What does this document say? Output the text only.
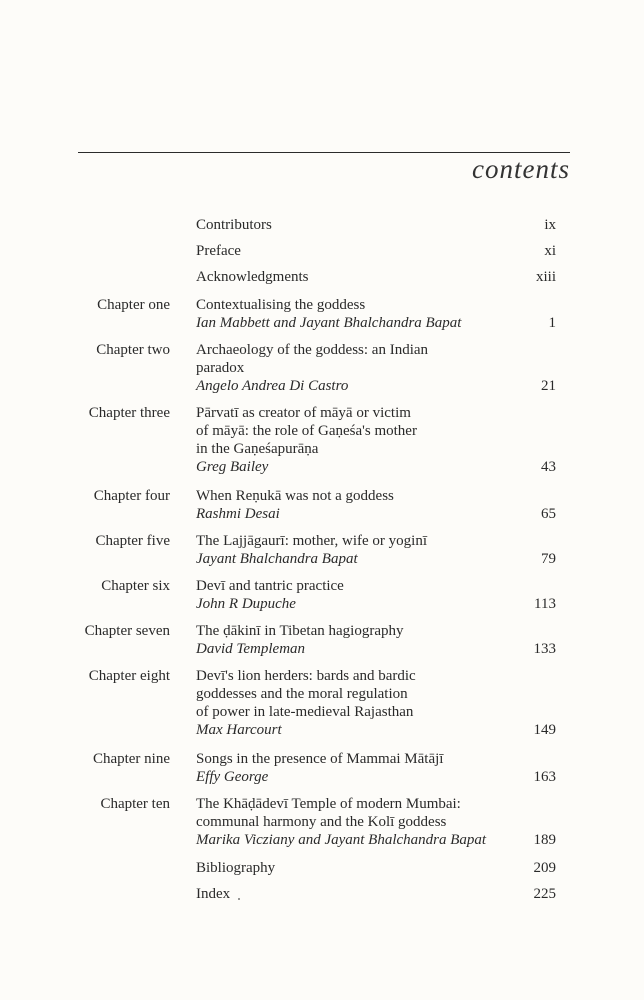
contents
Contributors	ix
Preface	xi
Acknowledgments	xiii
Chapter one Contextualising the goddess
Ian Mabbett and Jayant Bhalchandra Bapat	1
Chapter two Archaeology of the goddess: an Indian
paradox
Angelo Andrea Di Castro	21
Chapter three Pārvatī as creator of māyā or victim
of māyā: the role of Gaṇeśa's mother
in the Gaṇeśapurāṇa
Greg Bailey	43
Chapter four When Reṇukā was not a goddess
Rashmi Desai	65
Chapter five The Lajjāgaurī: mother, wife or yoginī
Jayant Bhalchandra Bapat	79
Chapter six Devī and tantric practice
John R Dupuche	113
Chapter seven The ḍākinī in Tibetan hagiography
David Templeman	133
Chapter eight Devī's lion herders: bards and bardic
goddesses and the moral regulation
of power in late-medieval Rajasthan
Max Harcourt	149
Chapter nine Songs in the presence of Mammai Mātājī
Effy George	163
Chapter ten The Khāḍādevī Temple of modern Mumbai:
communal harmony and the Kolī goddess
Marika Vicziany and Jayant Bhalchandra Bapat	189
Bibliography	209
Index	225
